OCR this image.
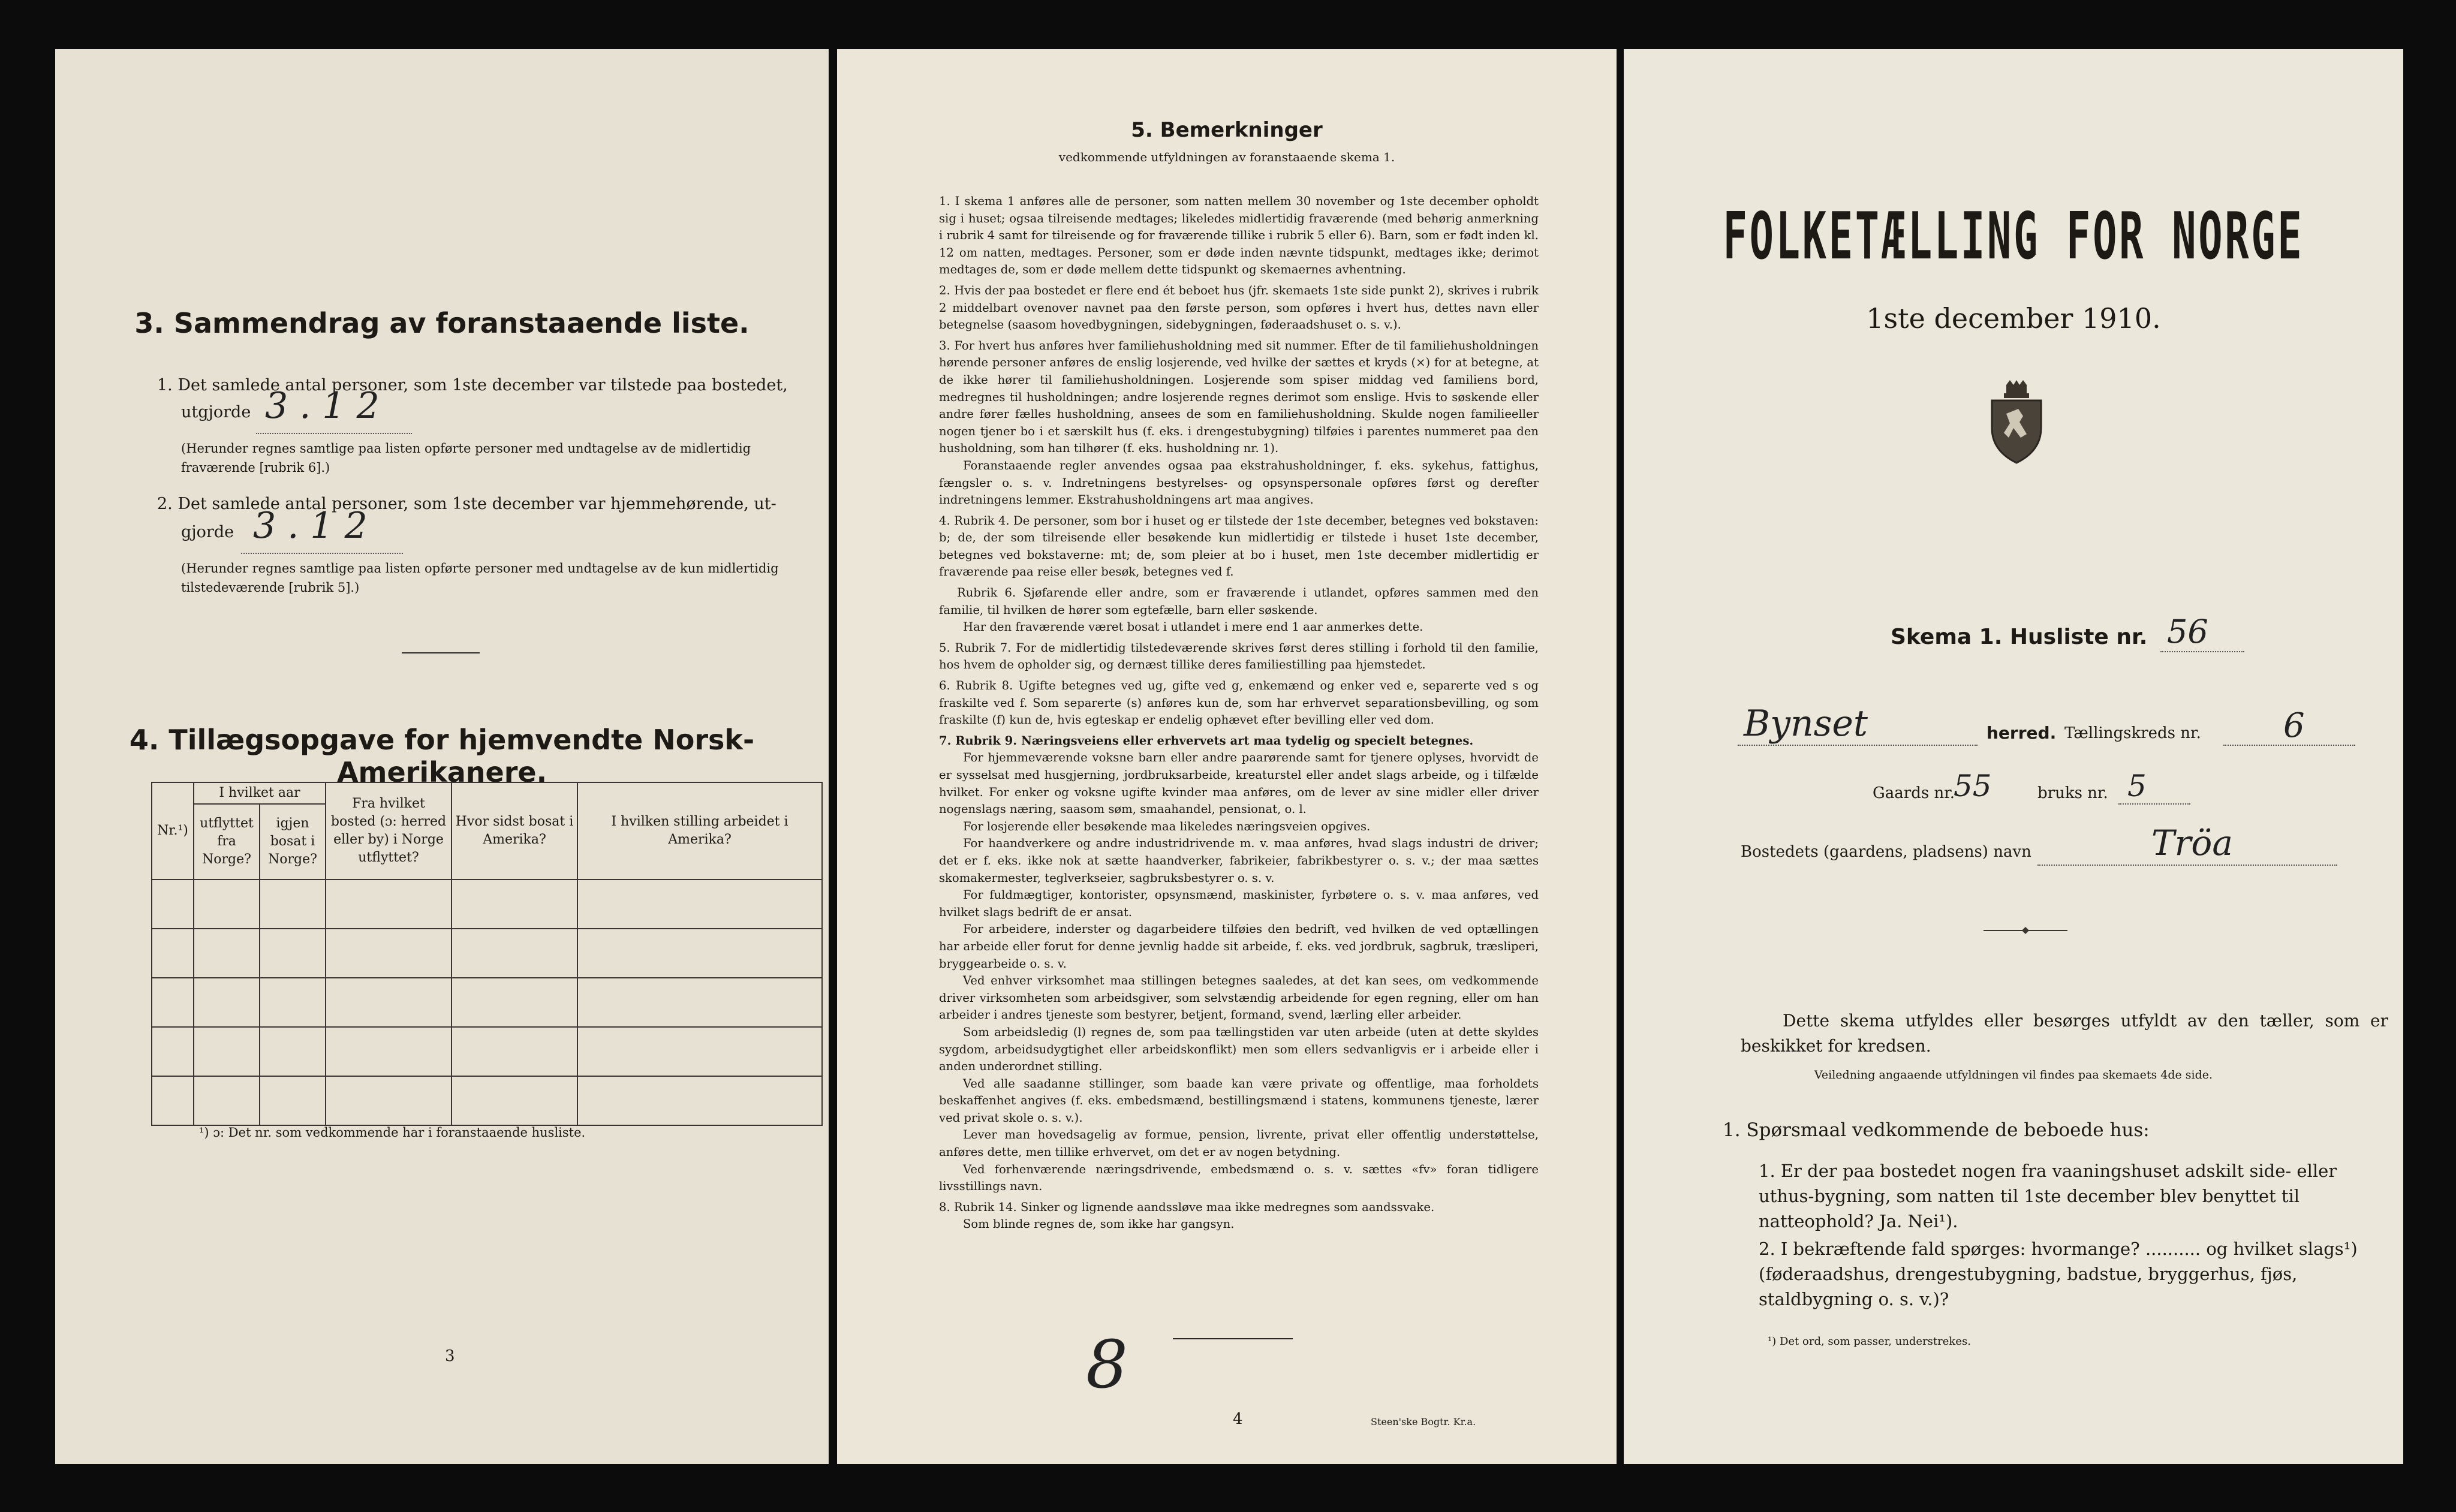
3. Sammendrag av foranstaaende liste.
1. Det samlede antal personer, som 1ste december var tilstede paa bostedet,
utgjorde 3 . 1 2
(Herunder regnes samtlige paa listen opførte personer med undtagelse av de midlertidig fraværende [rubrik 6].)
2. Det samlede antal personer, som 1ste december var hjemmehørende, ut-
gjorde 3 . 1 2
(Herunder regnes samtlige paa listen opførte personer med undtagelse av de kun midlertidig tilstedeværende [rubrik 5].)
4. Tillægsopgave for hjemvendte Norsk-Amerikanere.
Nr.¹)	I hvilket aar		Fra hvilket bosted (ɔ: herred eller by) i Norge utflyttet?	Hvor sidst bosat i Amerika?	I hvilken stilling arbeidet i Amerika?
	utflyttet fra Norge?	igjen bosat i Norge?			

¹) ɔ: Det nr. som vedkommende har i foranstaaende husliste.
3
5. Bemerkninger
vedkommende utfyldningen av foranstaaende skema 1.

1. I skema 1 anføres alle de personer, som natten mellem 30 november og 1ste december opholdt sig i huset; ogsaa tilreisende medtages; likeledes midlertidig fraværende (med behørig anmerkning i rubrik 4 samt for tilreisende og for fraværende tillike i rubrik 5 eller 6). Barn, som er født inden kl. 12 om natten, medtages. Personer, som er døde inden nævnte tidspunkt, medtages ikke; derimot medtages de, som er døde mellem dette tidspunkt og skemaernes avhentning.

2. Hvis der paa bostedet er flere end ét beboet hus (jfr. skemaets 1ste side punkt 2), skrives i rubrik 2 middelbart ovenover navnet paa den første person, som opføres i hvert hus, dettes navn eller betegnelse (saasom hovedbygningen, sidebygningen, føderaadshuset o. s. v.).

3. For hvert hus anføres hver familiehusholdning med sit nummer. Efter de til familiehusholdningen hørende personer anføres de enslig losjerende, ved hvilke der sættes et kryds (×) for at betegne, at de ikke hører til familiehusholdningen. Losjerende som spiser middag ved familiens bord, medregnes til husholdningen; andre losjerende regnes derimot som enslige. Hvis to søskende eller andre fører fælles husholdning, ansees de som en familiehusholdning. Skulde nogen familieeller nogen tjener bo i et særskilt hus (f. eks. i drengestubygning) tilføies i parentes nummeret paa den husholdning, som han tilhører (f. eks. husholdning nr. 1).

Foranstaaende regler anvendes ogsaa paa ekstrahusholdninger, f. eks. sykehus, fattighus, fængsler o. s. v. Indretningens bestyrelses- og opsynspersonale opføres først og derefter indretningens lemmer. Ekstrahusholdningens art maa angives.

4. Rubrik 4. De personer, som bor i huset og er tilstede der 1ste december, betegnes ved bokstaven: b; de, der som tilreisende eller besøkende kun midlertidig er tilstede i huset 1ste december, betegnes ved bokstaverne: mt; de, som pleier at bo i huset, men 1ste december midlertidig er fraværende paa reise eller besøk, betegnes ved f.

Rubrik 6. Sjøfarende eller andre, som er fraværende i utlandet, opføres sammen med den familie, til hvilken de hører som egtefælle, barn eller søskende.

Har den fraværende været bosat i utlandet i mere end 1 aar anmerkes dette.

5. Rubrik 7. For de midlertidig tilstedeværende skrives først deres stilling i forhold til den familie, hos hvem de opholder sig, og dernæst tillike deres familiestilling paa hjemstedet.

6. Rubrik 8. Ugifte betegnes ved ug, gifte ved g, enkemænd og enker ved e, separerte ved s og fraskilte ved f. Som separerte (s) anføres kun de, som har erhvervet separationsbevilling, og som fraskilte (f) kun de, hvis egteskap er endelig ophævet efter bevilling eller ved dom.

7. Rubrik 9. Næringsveiens eller erhvervets art maa tydelig og specielt betegnes.

For hjemmeværende voksne barn eller andre paarørende samt for tjenere oplyses, hvorvidt de er sysselsat med husgjerning, jordbruksarbeide, kreaturstel eller andet slags arbeide, og i tilfælde hvilket. For enker og voksne ugifte kvinder maa anføres, om de lever av sine midler eller driver nogenslags næring, saasom søm, smaahandel, pensionat, o. l.

For losjerende eller besøkende maa likeledes næringsveien opgives.

For haandverkere og andre industridrivende m. v. maa anføres, hvad slags industri de driver; det er f. eks. ikke nok at sætte haandverker, fabrikeier, fabrikbestyrer o. s. v.; der maa sættes skomakermester, teglverkseier, sagbruksbestyrer o. s. v.

For fuldmægtiger, kontorister, opsynsmænd, maskinister, fyrbøtere o. s. v. maa anføres, ved hvilket slags bedrift de er ansat.

For arbeidere, inderster og dagarbeidere tilføies den bedrift, ved hvilken de ved optællingen har arbeide eller forut for denne jevnlig hadde sit arbeide, f. eks. ved jordbruk, sagbruk, træsliperi, bryggearbeide o. s. v.

Ved enhver virksomhet maa stillingen betegnes saaledes, at det kan sees, om vedkommende driver virksomheten som arbeidsgiver, som selvstændig arbeidende for egen regning, eller om han arbeider i andres tjeneste som bestyrer, betjent, formand, svend, lærling eller arbeider.

Som arbeidsledig (l) regnes de, som paa tællingstiden var uten arbeide (uten at dette skyldes sygdom, arbeidsudygtighet eller arbeidskonflikt) men som ellers sedvanligvis er i arbeide eller i anden underordnet stilling.

Ved alle saadanne stillinger, som baade kan være private og offentlige, maa forholdets beskaffenhet angives (f. eks. embedsmænd, bestillingsmænd i statens, kommunens tjeneste, lærer ved privat skole o. s. v.).

Lever man hovedsagelig av formue, pension, livrente, privat eller offentlig understøttelse, anføres dette, men tillike erhvervet, om det er av nogen betydning.

Ved forhenværende næringsdrivende, embedsmænd o. s. v. sættes «fv» foran tidligere livsstillings navn.

8. Rubrik 14. Sinker og lignende aandssløve maa ikke medregnes som aandssvake.

Som blinde regnes de, som ikke har gangsyn.

8
4	Steen'ske Bogtr. Kr.a.
FOLKETÆLLING FOR NORGE
1ste december 1910.
Skema 1. Husliste nr. 56
Bynset	herred. Tællingskreds nr. 6
Gaards nr.
55	bruks nr. 5
Bostedets (gaardens, pladsens) navn	Tröa
Dette skema utfyldes eller besørges utfyldt av den tæller, som er beskikket for kredsen.
Veiledning angaaende utfyldningen vil findes paa skemaets 4de side.
1. Spørsmaal vedkommende de beboede hus:
1. Er der paa bostedet nogen fra vaaningshuset adskilt side- eller uthus-bygning, som natten til 1ste december blev benyttet til natteophold? Ja. Nei¹).
2. I bekræftende fald spørges: hvormange? .......... og hvilket slags¹) (føderaadshus, drengestubygning, badstue, bryggerhus, fjøs, staldbygning o. s. v.)?
¹) Det ord, som passer, understrekes.
